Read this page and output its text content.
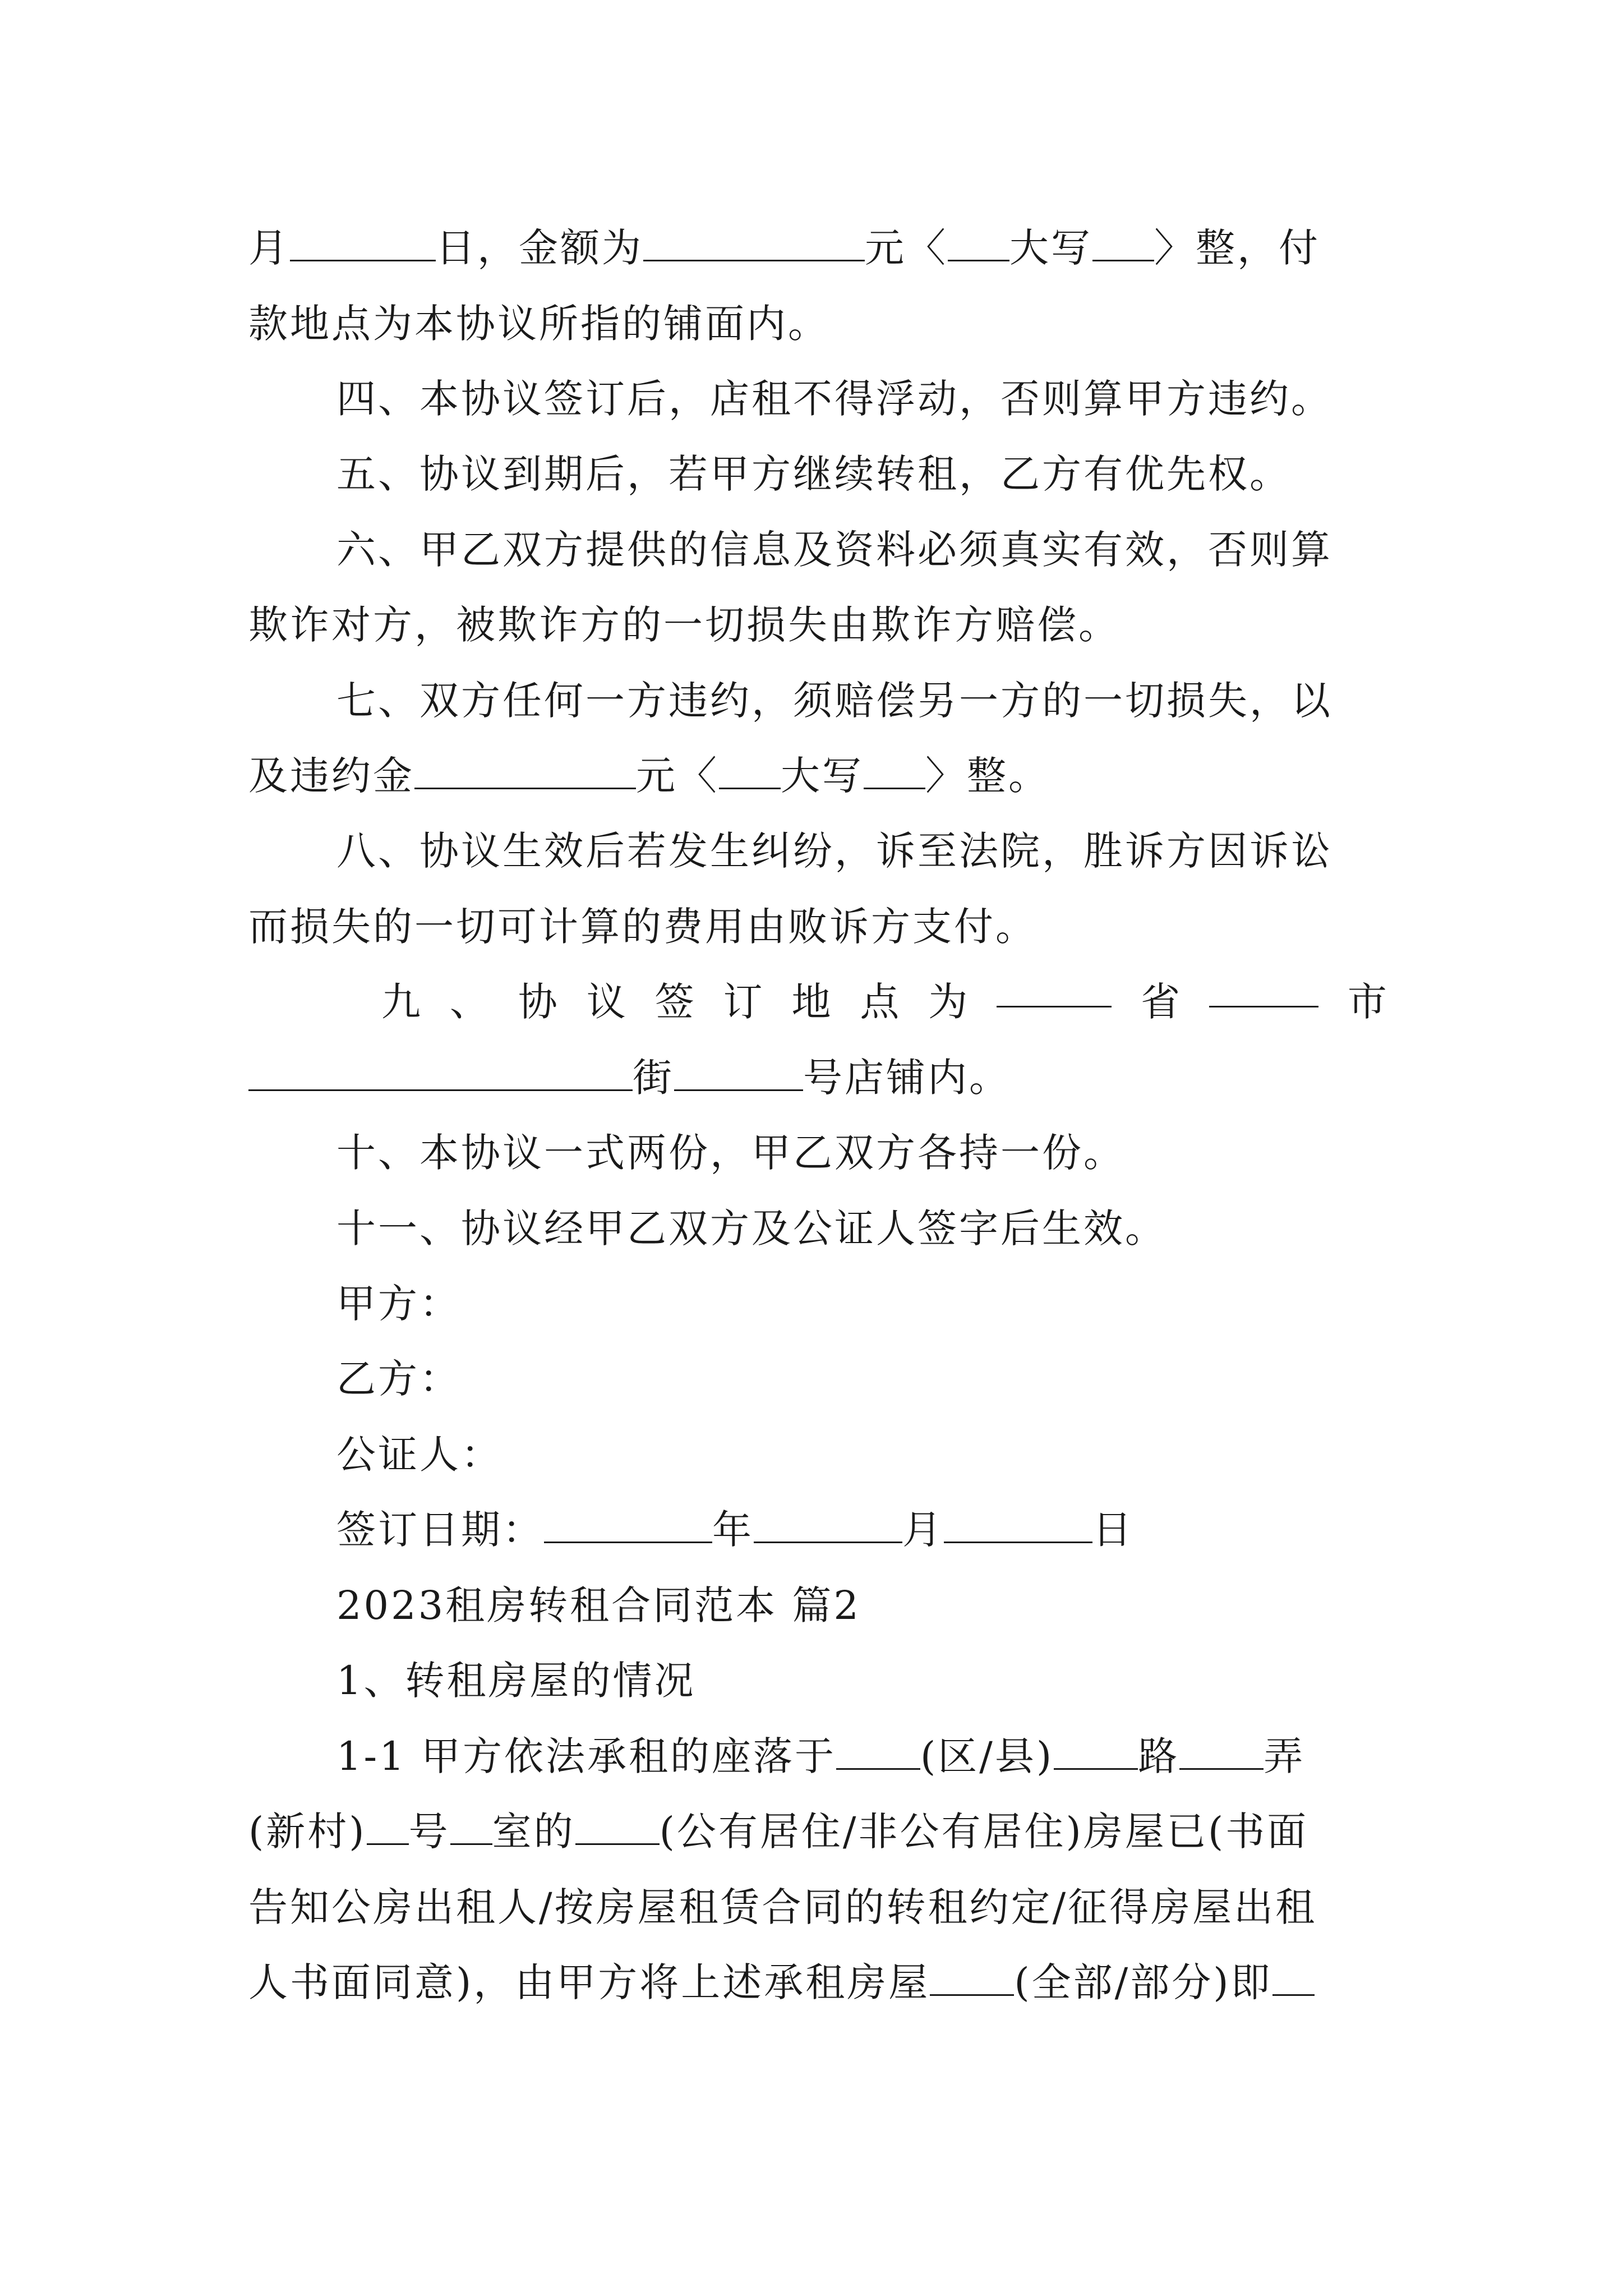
月	日，金额为	元〈 大写 〉整，付
款地点为本协议所指的铺面内。
四、本协议签订后，店租不得浮动，否则算甲方违约。
五、协议到期后，若甲方继续转租，乙方有优先权。
六、甲乙双方提供的信息及资料必须真实有效，否则算
欺诈对方，被欺诈方的一切损失由欺诈方赔偿。
七、双方任何一方违约，须赔偿另一方的一切损失，以
及违约金	元〈 大写 〉整。
八、协议生效后若发生纠纷，诉至法院，胜诉方因诉讼
而损失的一切可计算的费用由败诉方支付。
九 、 协 议 签 订 地 点 为	省	市
街	号店铺内。
十、本协议一式两份，甲乙双方各持一份。
十一、协议经甲乙双方及公证人签字后生效。
甲方：
乙方：
公证人：
签订日期：	年	月	日
2023租房转租合同范本 篇2
1、转租房屋的情况
1-1 甲方依法承租的座落于 (区/县) 路 弄
(新村) 号 室的 (公有居住/非公有居住)房屋已(书面
告知公房出租人/按房屋租赁合同的转租约定/征得房屋出租
人书面同意)，由甲方将上述承租房屋 (全部/部分)即
